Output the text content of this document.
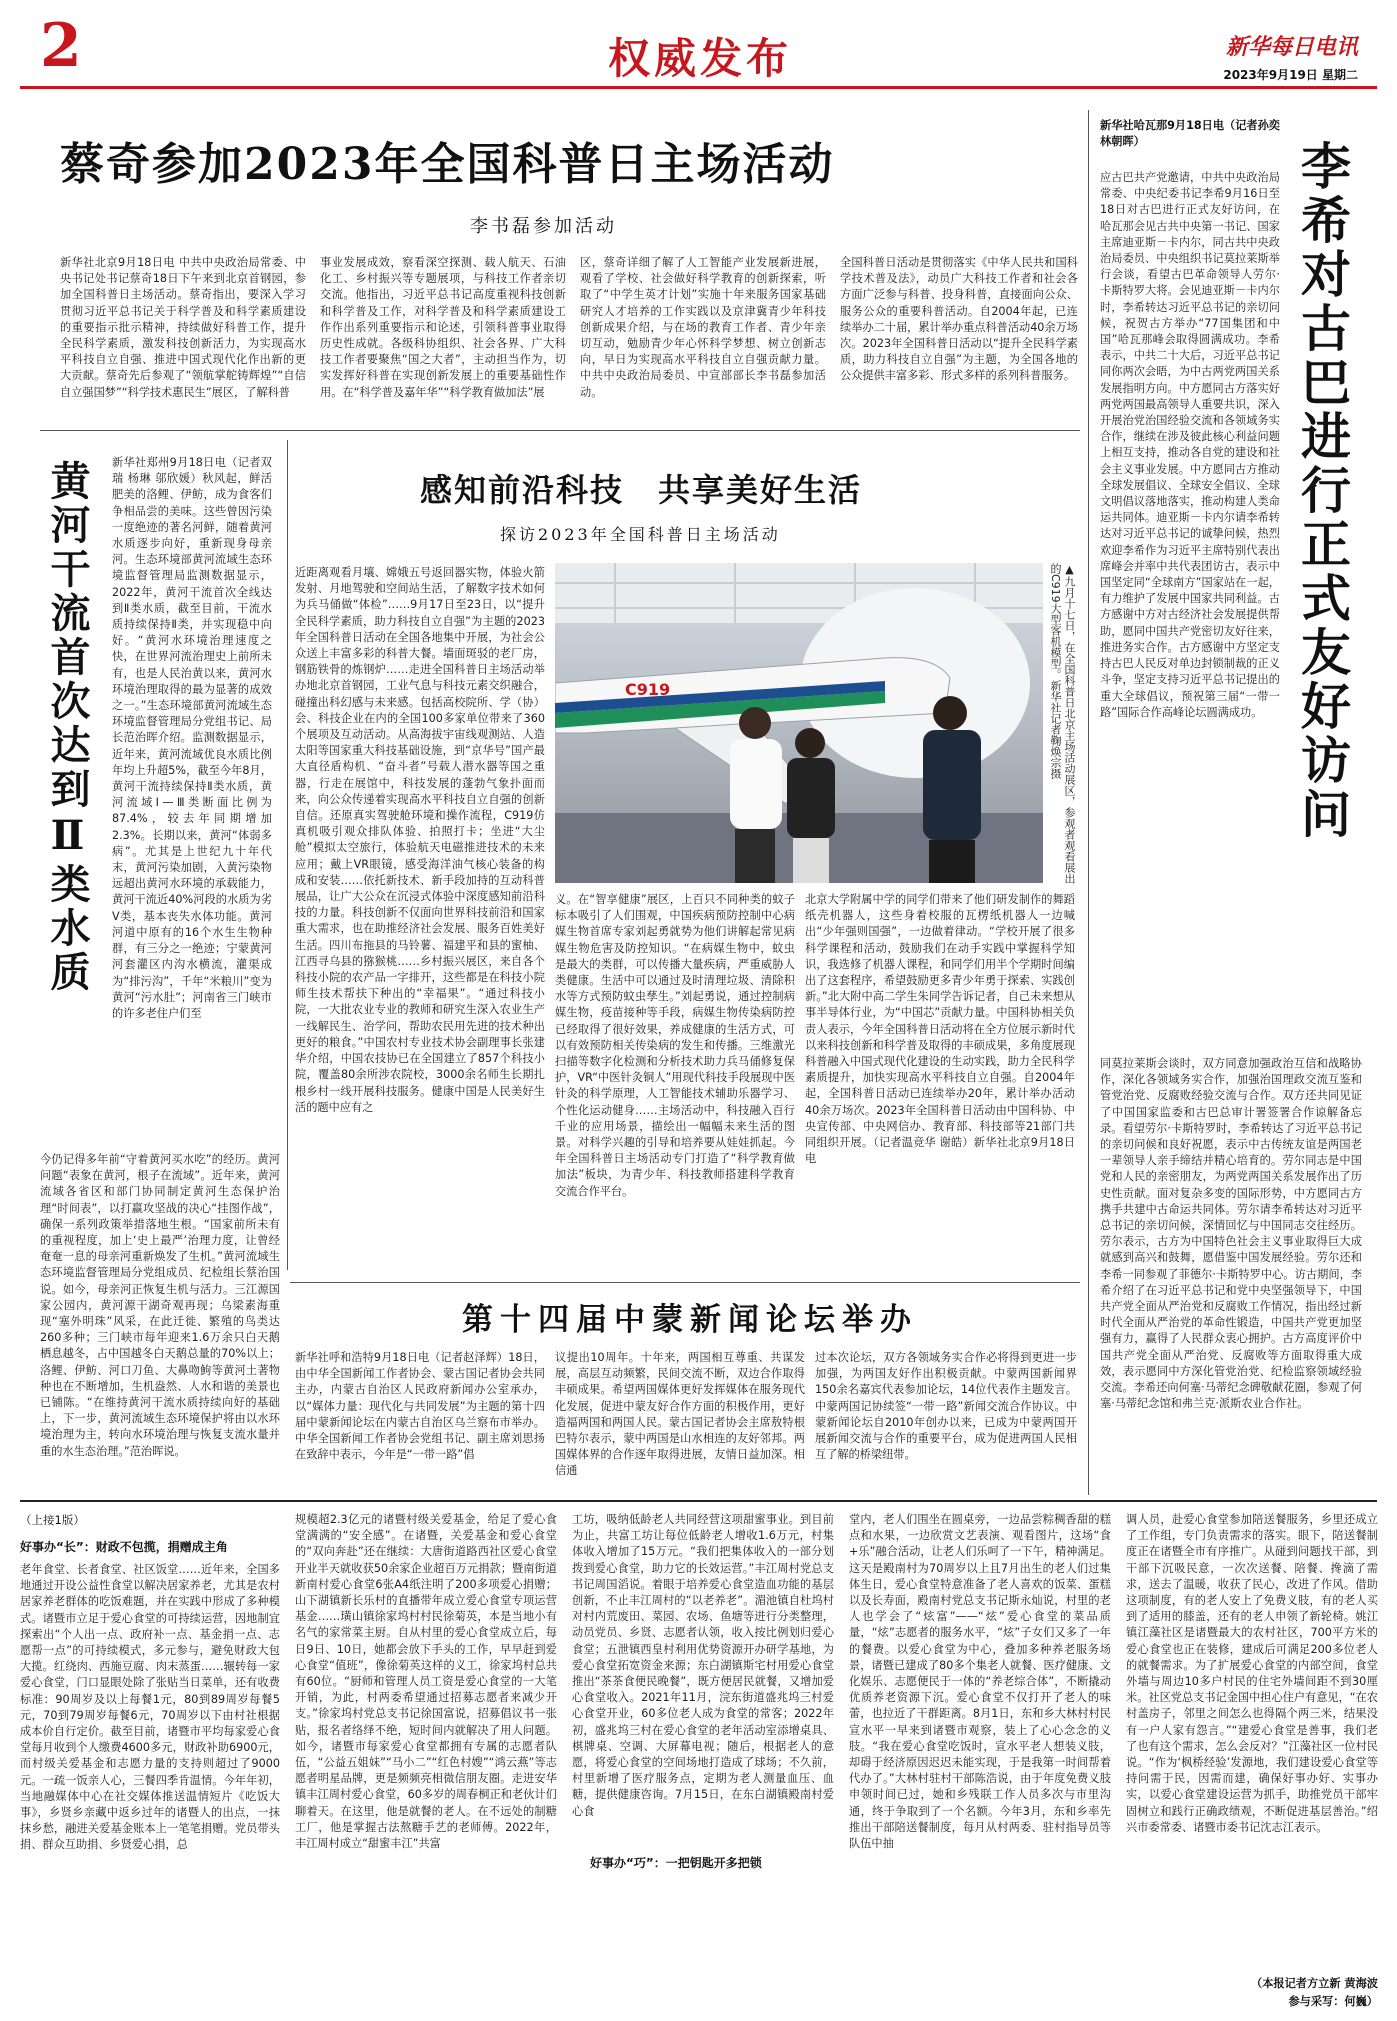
2	权威发布	新华每日电讯
2023年9月19日 星期二
蔡奇参加2023年全国科普日主场活动
李书磊参加活动
新华社北京9月18日电 中共中央政治局常委、中央书记处书记蔡奇18日下午来到北京首钢园，参加全国科普日主场活动。蔡奇指出，要深入学习贯彻习近平总书记关于科学普及和科学素质建设的重要指示批示精神，持续做好科普工作，提升全民科学素质，激发科技创新活力，为实现高水平科技自立自强、推进中国式现代化作出新的更大贡献。蔡奇先后参观了“领航掌舵铸辉煌”“自信自立强国梦”“科学技术惠民生”展区，了解科普
事业发展成效，察看深空探测、载人航天、石油化工、乡村振兴等专题展项，与科技工作者亲切交流。他指出，习近平总书记高度重视科技创新和科学普及工作，对科学普及和科学素质建设工作作出系列重要指示和论述，引领科普事业取得历史性成就。各级科协组织、社会各界、广大科技工作者要聚焦“国之大者”，主动担当作为，切实发挥好科普在实现创新发展上的重要基础性作用。在“科学普及嘉年华”“科学教育做加法”展
区，蔡奇详细了解了人工智能产业发展新进展，观看了学校、社会做好科学教育的创新探索，听取了“中学生英才计划”实施十年来服务国家基础研究人才培养的工作实践以及京津冀青少年科技创新成果介绍，与在场的教育工作者、青少年亲切互动，勉励青少年心怀科学梦想、树立创新志向，早日为实现高水平科技自立自强贡献力量。中共中央政治局委员、中宣部部长李书磊参加活动。
全国科普日活动是贯彻落实《中华人民共和国科学技术普及法》，动员广大科技工作者和社会各方面广泛参与科普、投身科普，直接面向公众、服务公众的重要科普活动。自2004年起，已连续举办二十届，累计举办重点科普活动40余万场次。2023年全国科普日活动以“提升全民科学素质，助力科技自立自强”为主题，为全国各地的公众提供丰富多彩、形式多样的系列科普服务。	李希对古巴进行正式友好访问
新华社哈瓦那9月18日电（记者孙奕 林朝晖）
应古巴共产党邀请，中共中央政治局常委、中央纪委书记李希9月16日至18日对古巴进行正式友好访问，在哈瓦那会见古共中央第一书记、国家主席迪亚斯－卡内尔，同古共中央政治局委员、中央组织书记莫拉莱斯举行会谈，看望古巴革命领导人劳尔·卡斯特罗大将。会见迪亚斯－卡内尔时，李希转达习近平总书记的亲切问候，祝贺古方举办“77国集团和中国”哈瓦那峰会取得圆满成功。李希表示，中共二十大后，习近平总书记同你两次会晤，为中古两党两国关系发展指明方向。中方愿同古方落实好两党两国最高领导人重要共识，深入开展治党治国经验交流和各领域务实合作，继续在涉及彼此核心利益问题上相互支持，推动各自党的建设和社会主义事业发展。中方愿同古方推动全球发展倡议、全球安全倡议、全球文明倡议落地落实，推动构建人类命运共同体。迪亚斯－卡内尔请李希转达对习近平总书记的诚挚问候，热烈欢迎李希作为习近平主席特别代表出席峰会并率中共代表团访古，表示中国坚定同“全球南方”国家站在一起，有力维护了发展中国家共同利益。古方感谢中方对古经济社会发展提供帮助，愿同中国共产党密切友好往来，推进务实合作。古方感谢中方坚定支持古巴人民反对单边封锁制裁的正义斗争，坚定支持习近平总书记提出的重大全球倡议，预祝第三届“一带一路”国际合作高峰论坛圆满成功。
同莫拉莱斯会谈时，双方同意加强政治互信和战略协作，深化各领域务实合作，加强治国理政交流互鉴和管党治党、反腐败经验交流与合作。双方还共同见证了中国国家监委和古巴总审计署签署合作谅解备忘录。看望劳尔·卡斯特罗时，李希转达了习近平总书记的亲切问候和良好祝愿，表示中古传统友谊是两国老一辈领导人亲手缔结并精心培育的。劳尔同志是中国党和人民的亲密朋友，为两党两国关系发展作出了历史性贡献。面对复杂多变的国际形势，中方愿同古方携手共建中古命运共同体。劳尔请李希转达对习近平总书记的亲切问候，深情回忆与中国同志交往经历。劳尔表示，古方为中国特色社会主义事业取得巨大成就感到高兴和鼓舞，愿借鉴中国发展经验。劳尔还和李希一同参观了菲德尔·卡斯特罗中心。访古期间，李希介绍了在习近平总书记和党中央坚强领导下，中国共产党全面从严治党和反腐败工作情况，指出经过新时代全面从严治党的革命性锻造，中国共产党更加坚强有力，赢得了人民群众衷心拥护。古方高度评价中国共产党全面从严治党、反腐败等方面取得重大成效，表示愿同中方深化管党治党、纪检监察领域经验交流。李希还向何塞·马蒂纪念碑敬献花圈，参观了何塞·马蒂纪念馆和弗兰克·派斯农业合作社。
黄河干流首次达到Ⅱ类水质 新华社郑州9月18日电（记者双瑞 杨琳 邬欣媛）秋风起，鲜活肥美的洛鲤、伊鲂，成为食客们争相品尝的美味。这些曾因污染一度绝迹的著名河鲜，随着黄河水质逐步向好，重新现身母亲河。生态环境部黄河流域生态环境监督管理局监测数据显示，2022年，黄河干流首次全线达到Ⅱ类水质，截至目前，干流水质持续保持Ⅱ类，并实现稳中向好。“黄河水环境治理速度之快，在世界河流治理史上前所未有，也是人民治黄以来，黄河水环境治理取得的最为显著的成效之一。”生态环境部黄河流域生态环境监督管理局分党组书记、局长范治晖介绍。监测数据显示，近年来，黄河流域优良水质比例年均上升超5%，截至今年8月，黄河干流持续保持Ⅱ类水质，黄河流域Ⅰ—Ⅲ类断面比例为87.4%，较去年同期增加2.3%。长期以来，黄河“体弱多病”。尤其是上世纪九十年代末，黄河污染加剧，入黄污染物远超出黄河水环境的承载能力，黄河干流近40%河段的水质为劣Ⅴ类，基本丧失水体功能。黄河河道中原有的16个水生生物种群，有三分之一绝迹；宁蒙黄河河套灌区内沟水横流，灌渠成为“排污沟”，千年“米粮川”变为黄河“污水肚”；河南省三门峡市的许多老住户们至
今仍记得多年前“守着黄河买水吃”的经历。黄河问题“表象在黄河，根子在流域”。近年来，黄河流域各省区和部门协同制定黄河生态保护治理“时间表”，以打赢攻坚战的决心“挂图作战”，确保一系列政策举措落地生根。“国家前所未有的重视程度，加上‘史上最严’治理力度，让曾经奄奄一息的母亲河重新焕发了生机。”黄河流域生态环境监督管理局分党组成员、纪检组长蔡治国说。如今，母亲河正恢复生机与活力。三江源国家公园内，黄河源干湖奇观再现；乌梁素海重现“塞外明珠”风采，在此迁徙、繁殖的鸟类达260多种；三门峡市每年迎来1.6万余只白天鹅栖息越冬，占中国越冬白天鹅总量的70%以上；洛鲤、伊鲂、河口刀鱼、大鼻吻鮈等黄河土著物种也在不断增加，生机盎然、人水和谐的美景也已铺陈。“在维持黄河干流水质持续向好的基础上，下一步，黄河流域生态环境保护将由以水环境治理为主，转向水环境治理与恢复支流水量并重的水生态治理。”范治晖说。
感知前沿科技　共享美好生活
探访2023年全国科普日主场活动
近距离观看月壤、嫦娥五号返回器实物，体验火箭发射、月地驾驶和空间站生活，了解数字技术如何为兵马俑做“体检”……9月17日至23日，以“提升全民科学素质，助力科技自立自强”为主题的2023年全国科普日活动在全国各地集中开展，为社会公众送上丰富多彩的科普大餐。墙面斑驳的老厂房，钢筋铁骨的炼钢炉……走进全国科普日主场活动举办地北京首钢园，工业气息与科技元素交织融合，碰撞出科幻感与未来感。包括高校院所、学（协）会、科技企业在内的全国100多家单位带来了360个展项及互动活动。从高海拔宇宙线观测站、人造太阳等国家重大科技基础设施，到“京华号”国产最大直径盾构机、“奋斗者”号载人潜水器等国之重器，行走在展馆中，科技发展的蓬勃气象扑面而来，向公众传递着实现高水平科技自立自强的创新自信。还原真实驾驶舱环境和操作流程，C919仿真机吸引观众排队体验、拍照打卡；坐进“大尘舱”模拟太空旅行，体验航天电磁推进技术的未来应用；戴上VR眼镜，感受海洋油气核心装备的构成和安装……依托新技术、新手段加持的互动科普展品，让广大公众在沉浸式体验中深度感知前沿科技的力量。科技创新不仅面向世界科技前沿和国家重大需求，也在助推经济社会发展、服务百姓美好生活。四川布拖县的马铃薯、福建平和县的蜜柚、江西寻乌县的猕猴桃……乡村振兴展区，来自各个科技小院的农产品一字排开，这些都是在科技小院师生技术帮扶下种出的“幸福果”。“通过科技小院，一大批农业专业的教师和研究生深入农业生产一线解民生、治学问，帮助农民用先进的技术种出更好的粮食。”中国农村专业技术协会副理事长张建华介绍，中国农技协已在全国建立了857个科技小院，覆盖80余所涉农院校，3000余名师生长期扎根乡村一线开展科技服务。健康中国是人民美好生活的题中应有之
C919	▲九月十七日，在全国科普日北京主场活动展区，参观者观看展出的C919大型客机模型。新华社记者鞠焕宗摄
义。在“智享健康”展区，上百只不同种类的蚊子标本吸引了人们围观，中国疾病预防控制中心病媒生物首席专家刘起勇就势为他们讲解起常见病媒生物危害及防控知识。“在病媒生物中，蚊虫是最大的类群，可以传播大量疾病，严重威胁人类健康。生活中可以通过及时清理垃圾、清除积水等方式预防蚊虫孳生。”刘起勇说，通过控制病媒生物，疫苗接种等手段，病媒生物传染病防控已经取得了很好效果，养成健康的生活方式，可以有效预防相关传染病的发生和传播。三维激光扫描等数字化检测和分析技术助力兵马俑修复保护，VR“中医针灸铜人”用现代科技手段展现中医针灸的科学原理，人工智能技术辅助乐器学习、个性化运动健身……主场活动中，科技融入百行千业的应用场景，描绘出一幅幅未来生活的图景。对科学兴趣的引导和培养要从娃娃抓起。今年全国科普日主场活动专门打造了“科学教育做加法”板块，为青少年、科技教师搭建科学教育交流合作平台。
北京大学附属中学的同学们带来了他们研发制作的舞蹈纸壳机器人，这些身着校服的瓦楞纸机器人一边喊出“少年强则国强”，一边做着律动。“学校开展了很多科学课程和活动，鼓励我们在动手实践中掌握科学知识，我选修了机器人课程，和同学们用半个学期时间编出了这套程序，希望鼓励更多青少年勇于探索、实践创新。”北大附中高二学生朱同学告诉记者，自己未来想从事半导体行业，为“中国芯”贡献力量。中国科协相关负责人表示，今年全国科普日活动将在全方位展示新时代以来科技创新和科学普及取得的丰硕成果，多角度展现科普融入中国式现代化建设的生动实践，助力全民科学素质提升，加快实现高水平科技自立自强。自2004年起，全国科普日活动已连续举办20年，累计举办活动40余万场次。2023年全国科普日活动由中国科协、中央宣传部、中央网信办、教育部、科技部等21部门共同组织开展。（记者温竞华 谢皓）新华社北京9月18日电
第十四届中蒙新闻论坛举办
新华社呼和浩特9月18日电（记者赵泽辉）18日，由中华全国新闻工作者协会、蒙古国记者协会共同主办，内蒙古自治区人民政府新闻办公室承办，以“媒体力量：现代化与共同发展”为主题的第十四届中蒙新闻论坛在内蒙古自治区乌兰察布市举办。中华全国新闻工作者协会党组书记、副主席刘思扬在致辞中表示，今年是“一带一路”倡
议提出10周年。十年来，两国相互尊重、共谋发展，高层互动频繁，民间交流不断，双边合作取得丰硕成果。希望两国媒体更好发挥媒体在服务现代化发展，促进中蒙友好合作方面的积极作用，更好造福两国和两国人民。蒙古国记者协会主席敖特根巴特尔表示，蒙中两国是山水相连的友好邻邦。两国媒体界的合作逐年取得进展，友情日益加深。相信通
过本次论坛，双方各领域务实合作必将得到更进一步加强，为两国友好作出积极贡献。中蒙两国新闻界150余名嘉宾代表参加论坛，14位代表作主题发言。中蒙两国记协续签“一带一路”新闻交流合作协议。中蒙新闻论坛自2010年创办以来，已成为中蒙两国开展新闻交流与合作的重要平台，成为促进两国人民相互了解的桥梁纽带。
（上接1版）
好事办“长”：财政不包揽，捐赠成主角
老年食堂、长者食堂、社区饭堂……近年来，全国多地通过开设公益性食堂以解决居家养老，尤其是农村居家养老群体的吃饭难题，并在实践中形成了多种模式。诸暨市立足于爱心食堂的可持续运营，因地制宜探索出“个人出一点、政府补一点、基金捐一点、志愿帮一点”的可持续模式，多元参与，避免财政大包大揽。红绕肉、西施豆腐、肉末蒸蛋……辗转每一家爱心食堂，门口显眼处除了张贴当日菜单，还有收费标准：90周岁及以上每餐1元，80到89周岁每餐5元，70到79周岁每餐6元，70周岁以下由村社根据成本价自行定价。截至目前，诸暨市平均每家爱心食堂每月收到个人缴费4600多元，财政补助6900元，而村级关爱基金和志愿力量的支持则超过了9000元。一疏一饭亲人心，三餐四季肯温情。今年年初，当地融媒体中心在社交媒体推送温情短片《吃饭大事》，乡贤乡亲藏中返乡过年的诸暨人的出点，一抹抹乡愁，融进关爱基金账本上一笔笔捐赠。党员带头捐、群众互助捐、乡贤爱心捐，总
规模超2.3亿元的诸暨村级关爱基金，给足了爱心食堂满满的“安全感”。在诸暨，关爱基金和爱心食堂的“双向奔赴”还在继续：大唐街道路西社区爱心食堂开业半天就收获50余家企业超百万元捐款；暨南街道新南村爱心食堂6张A4纸注明了200多项爱心捐赠；山下湖镇新长乐村的直播带年成立爱心食堂专项运营基金……璜山镇徐家坞村村民徐菊英，本是当地小有名气的家常菜主厨。自从村里的爱心食堂成立后，每日9日、10日，她都会放下手头的工作，早早赶到爱心食堂“值班”，像徐菊英这样的义工，徐家坞村总共有60位。“厨师和管理人员工资是爱心食堂的一大笔开销，为此，村两委希望通过招募志愿者来减少开支。”徐家坞村党总支书记徐国富说，招募倡议书一张贴，报名者络绎不绝，短时间内就解决了用人问题。如今，诸暨市每家爱心食堂都拥有专属的志愿者队伍，“公益五姐妹”“马小二”“红色村嫂”“鸿云燕”等志愿者明星品牌，更是频频亮相微信朋友圈。走进安华镇丰江周村爱心食堂，60多岁的周春桐正和老伙计们聊着天。在这里，他是就餐的老人。在不远处的制糖工厂，他是掌握古法熬糖手艺的老师傅。2022年，丰江周村成立“甜蜜丰江”共富
工坊，吸纳低龄老人共同经营这项甜蜜事业。到目前为止，共富工坊让每位低龄老人增收1.6万元，村集体收入增加了15万元。“我们把集体收入的一部分划拨到爱心食堂，助力它的长效运营。”丰江周村党总支书记周国滔说。着眼于培养爱心食堂造血功能的基层创新，不止丰江周村的“以老养老”。湄池镇自杜坞村对村内荒废田、菜园、农场、鱼塘等进行分类整理，动员党员、乡贤、志愿者认领，收入按比例划归爱心食堂；五泄镇西皇村利用优势资源开办研学基地，为爱心食堂拓宽资金来源；东白湖镇斯宅村用爱心食堂推出“茶茶食便民晚餐”，既方便居民就餐，又增加爱心食堂收入。2021年11月，浣东街道盛兆坞三村爱心食堂开业，60多位老人成为食堂的常客；2022年初，盛兆坞三村在爱心食堂的老年活动室添增桌具、棋牌桌、空调、大屏幕电视；随后，根据老人的意愿，将爱心食堂的空间场地打造成了球场；不久前，村里新增了医疗服务点，定期为老人测量血压、血糖，提供健康咨询。7月15日，在东白湖镇殿南村爱心食
好事办“巧”：一把钥匙开多把锁
堂内，老人们围坐在圆桌旁，一边品尝粽稠香甜的糕点和水果，一边欣赏文艺表演、观看图片，这场“食+乐”融合活动，让老人们乐呵了一下午，精神满足。这天是殿南村为70周岁以上且7月出生的老人们过集体生日，爱心食堂特意准备了老人喜欢的饭菜、蛋糕以及长寿面，殿南村党总支书记斯永灿说，村里的老人也学会了“炫富”——“炫”爱心食堂的菜品质量，“炫”志愿者的服务水平，“炫”子女们又多了一年的餐费。以爱心食堂为中心，叠加多种养老服务场景，诸暨已建成了80多个集老人就餐、医疗健康、文化娱乐、志愿便民于一体的“养老综合体”，不断撬动优质养老资源下沉。爱心食堂不仅打开了老人的味蕾，也拉近了干群距离。8月1日，东和乡大林村村民宣水平一早来到诸暨市观察，装上了心心念念的义肢。“我在爱心食堂吃饭时，宣水平老人想装义肢，却碍于经济原因迟迟未能实现，于是我第一时间帮着代办了。”大林村驻村干部陈浩说，由于年度免费义肢申领时间已过，她和乡残联工作人员多次与市里沟通，终于争取到了一个名额。今年3月，东和乡率先推出干部陪送餐制度，每月从村两委、驻村指导员等队伍中抽
调人员，赴爱心食堂参加陪送餐服务，乡里还成立了工作组，专门负责需求的落实。眼下，陪送餐制度正在诸暨全市有序推广。从碰到问题找干部，到干部下沉吸民意，一次次送餐、陪餐、搀滴了需求，送去了温暖，收获了民心，改进了作风。借助这项制度，有的老人安上了免费义肢，有的老人买到了适用的膝盖，还有的老人申领了新轮椅。姚江镇江藻社区是诸暨最大的农村社区，700平方米的爱心食堂也正在装修，建成后可满足200多位老人的就餐需求。为了扩展爱心食堂的内部空间，食堂外墙与周边10多户村民的住宅外墙间距不到30厘米。社区党总支书记金国中担心住户有意见，“在农村盖房子，邻里之间怎么也得隔个两三米，结果没有一户人家有怨言。”“建爱心食堂是善事，我们老了也有这个需求，怎么会反对？”江藻社区一位村民说。“作为‘枫桥经验’发源地，我们建设爱心食堂等持问需于民，因需而建，确保好事办好、实事办实，以爱心食堂建设运营为抓手，助推党员干部牢固树立和践行正确政绩观，不断促进基层善治。”绍兴市委常委、诸暨市委书记沈志江表示。
（本报记者方立新 黄海波
参与采写：何巍）
